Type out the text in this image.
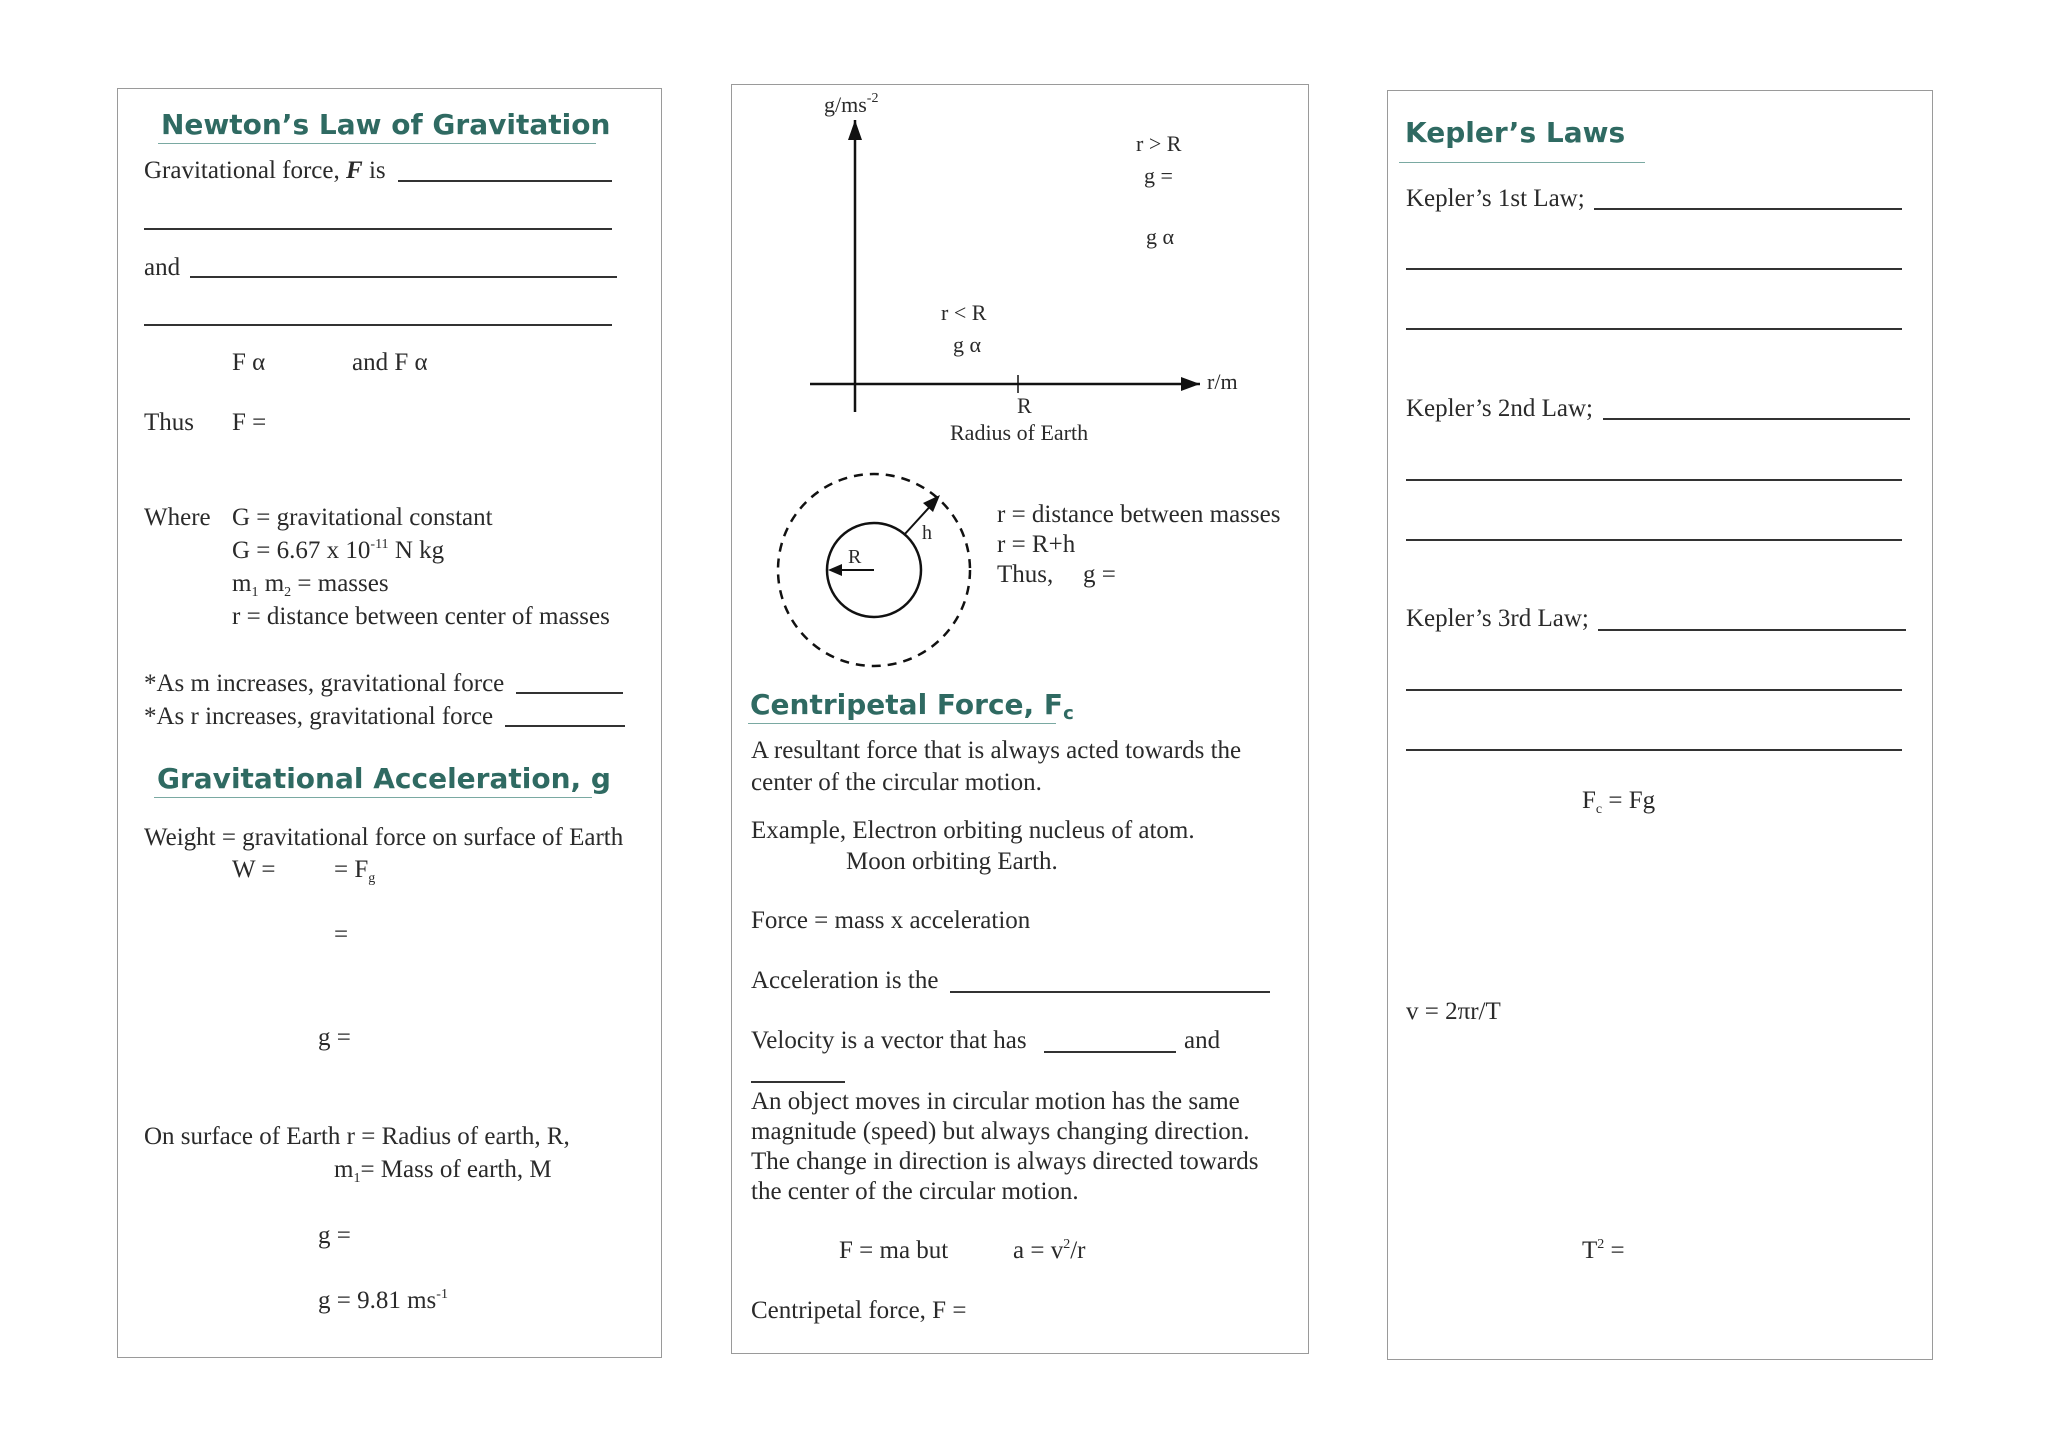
Newton’s Law of Gravitation
Gravitational force, F is
and
F α	and F α
Thus F =
Where G = gravitational constant
G = 6.67 x $10^{-11}$ N kg
$m_1$ $m_2$ = masses
r = distance between center of masses
*As m increases, gravitational force
*As r increases, gravitational force
Gravitational Acceleration, g
Weight = gravitational force on surface of Earth
W = = $F_g$
=
g =
On surface of Earth r = Radius of earth, R,
$m_1=$ Mass of earth, M
g =
g = 9.81 $ms^{-1}$
$g/ms^{-2}$
r/m
r > R
g =
g α
r < R
g α
R
Radius of Earth
R
h
r = distance between masses
r = R+h
Thus, g =
Centripetal Force, $F_c$
A resultant force that is always acted towards the
center of the circular motion.
Example, Electron orbiting nucleus of atom.
Moon orbiting Earth.
Force = mass x acceleration
Acceleration is the
Velocity is a vector that has	and
An object moves in circular motion has the same
magnitude (speed) but always changing direction.
The change in direction is always directed towards
the center of the circular motion.
F = ma but	$a = v^2/r$
Centripetal force, F =
Kepler’s Laws
Kepler’s 1st Law;
Kepler’s 2nd Law;
Kepler’s 3rd Law;
$F_c = Fg$
v = 2πr/T
$T^2$ =
